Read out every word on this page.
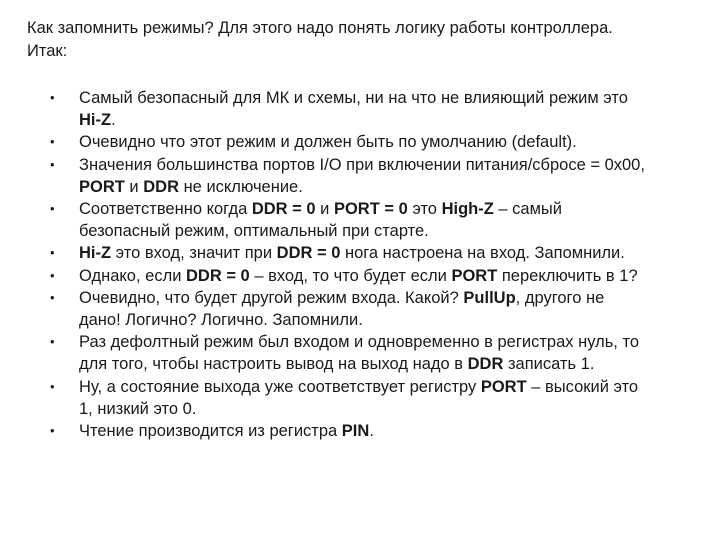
Как запомнить режимы? Для этого надо понять логику работы контроллера.
Итак:
• Самый безопасный для МК и схемы, ни на что не влияющий режим это
Hi-Z.
• Очевидно что этот режим и должен быть по умолчанию (default).
• Значения большинства портов I/O при включении питания/сбросе = 0x00,
PORT и DDR не исключение.
• Соответственно когда DDR = 0 и PORT = 0 это High-Z – самый
безопасный режим, оптимальный при старте.
• Hi-Z это вход, значит при DDR = 0 нога настроена на вход. Запомнили.
• Однако, если DDR = 0 – вход, то что будет если PORT переключить в 1?
• Очевидно, что будет другой режим входа. Какой? PullUp, другого не
дано! Логично? Логично. Запомнили.
• Раз дефолтный режим был входом и одновременно в регистрах нуль, то
для того, чтобы настроить вывод на выход надо в DDR записать 1.
• Ну, а состояние выхода уже соответствует регистру PORT – высокий это
1, низкий это 0.
• Чтение производится из регистра PIN.
